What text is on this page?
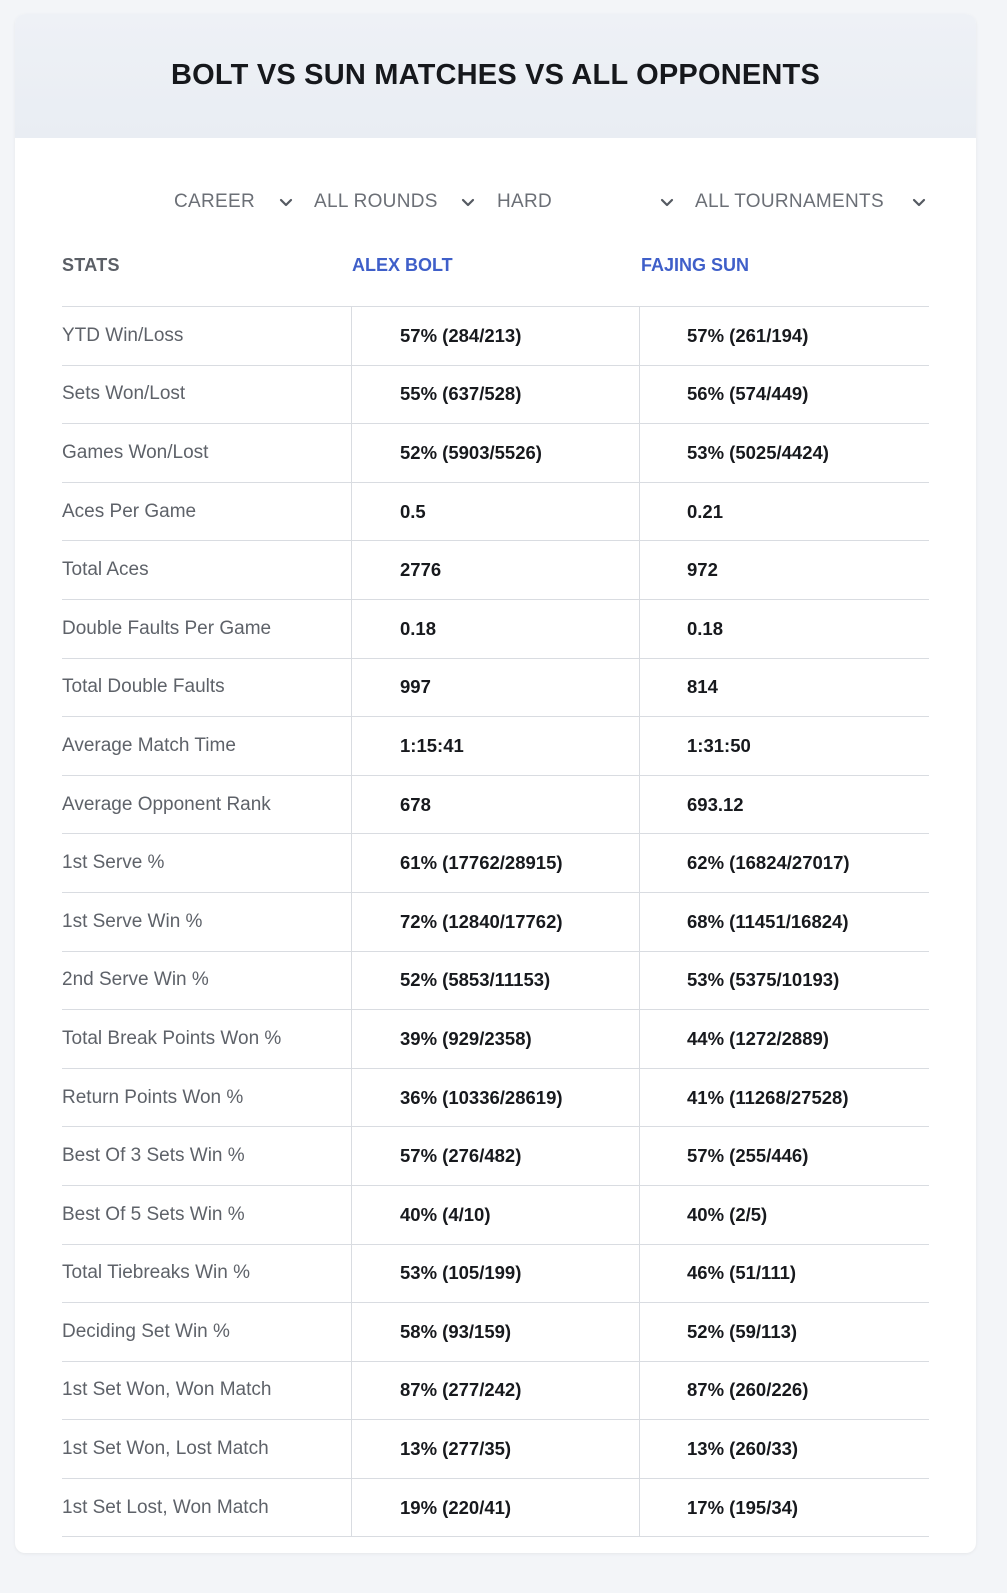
BOLT VS SUN MATCHES VS ALL OPPONENTS
CAREER	ALL ROUNDS	HARD	ALL TOURNAMENTS
STATS	ALEX BOLT	FAJING SUN
YTD Win/Loss	57% (284/213)	57% (261/194)
Sets Won/Lost	55% (637/528)	56% (574/449)
Games Won/Lost	52% (5903/5526)	53% (5025/4424)
Aces Per Game	0.5	0.21
Total Aces	2776	972
Double Faults Per Game	0.18	0.18
Total Double Faults	997	814
Average Match Time	1:15:41	1:31:50
Average Opponent Rank	678	693.12
1st Serve %	61% (17762/28915)	62% (16824/27017)
1st Serve Win %	72% (12840/17762)	68% (11451/16824)
2nd Serve Win %	52% (5853/11153)	53% (5375/10193)
Total Break Points Won %	39% (929/2358)	44% (1272/2889)
Return Points Won %	36% (10336/28619)	41% (11268/27528)
Best Of 3 Sets Win %	57% (276/482)	57% (255/446)
Best Of 5 Sets Win %	40% (4/10)	40% (2/5)
Total Tiebreaks Win %	53% (105/199)	46% (51/111)
Deciding Set Win %	58% (93/159)	52% (59/113)
1st Set Won, Won Match	87% (277/242)	87% (260/226)
1st Set Won, Lost Match	13% (277/35)	13% (260/33)
1st Set Lost, Won Match	19% (220/41)	17% (195/34)
